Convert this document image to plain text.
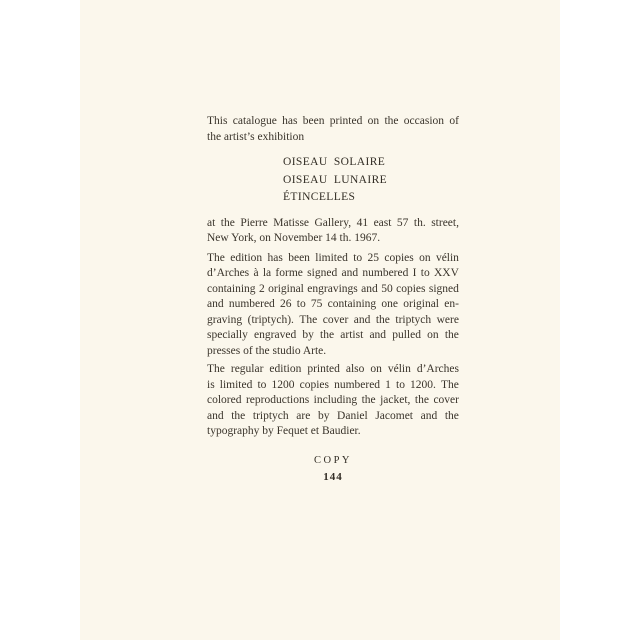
This catalogue has been printed on the occasion of
the artist’s exhibition
OISEAU SOLAIRE
OISEAU LUNAIRE
ÉTINCELLES
at the Pierre Matisse Gallery, 41 east 57 th. street,
New York, on November 14 th. 1967.
The edition has been limited to 25 copies on vélin
d’Arches à la forme signed and numbered I to XXV
containing 2 original engravings and 50 copies signed
and numbered 26 to 75 containing one original en-
graving (triptych). The cover and the triptych were
specially engraved by the artist and pulled on the
presses of the studio Arte.
The regular edition printed also on vélin d’Arches
is limited to 1200 copies numbered 1 to 1200. The
colored reproductions including the jacket, the cover
and the triptych are by Daniel Jacomet and the
typography by Fequet et Baudier.
COPY
144
